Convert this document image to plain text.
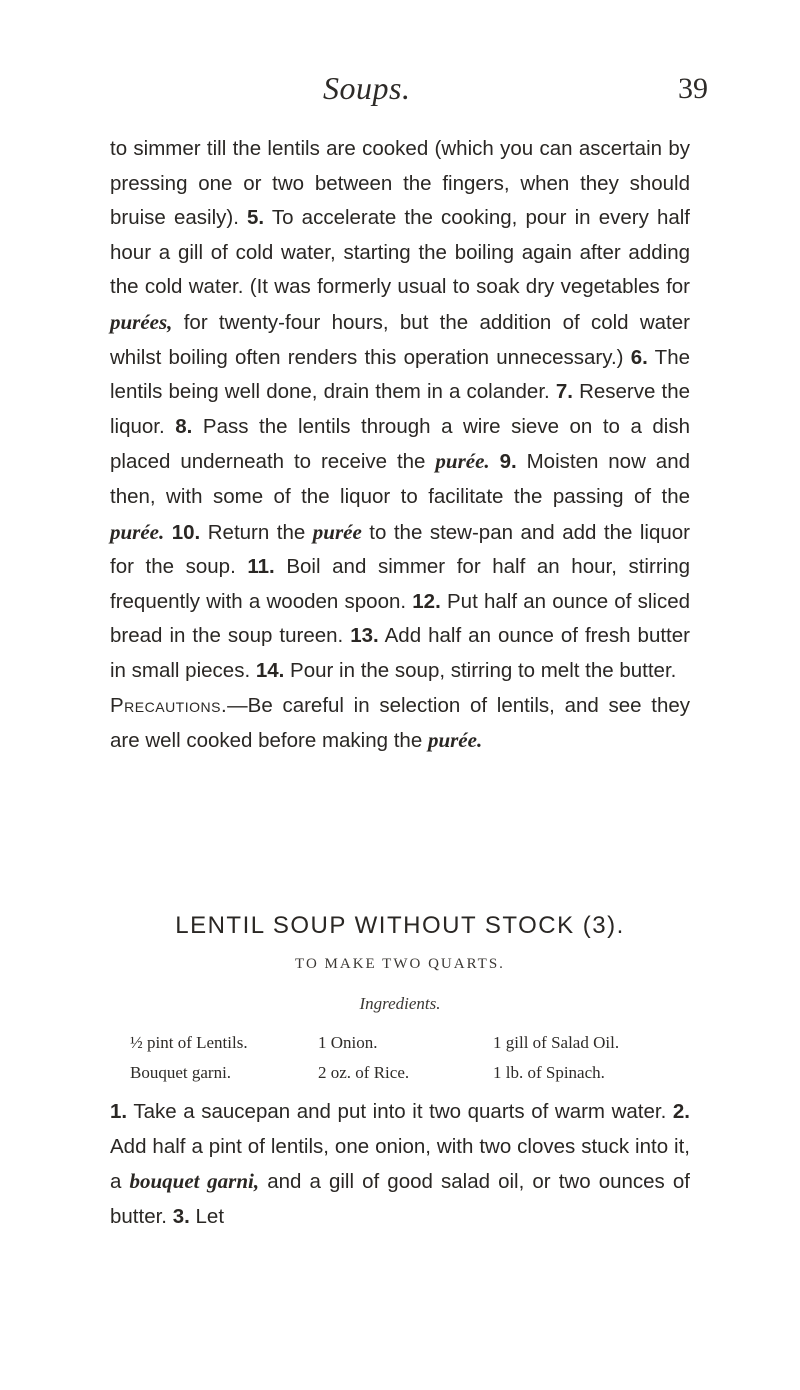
Soups.	39

to simmer till the lentils are cooked (which you can ascertain by pressing one or two between the fingers, when they should bruise easily). 5. To accelerate the cooking, pour in every half hour a gill of cold water, starting the boiling again after adding the cold water. (It was formerly usual to soak dry vegetables for purées, for twenty-four hours, but the addition of cold water whilst boiling often renders this operation unnecessary.) 6. The lentils being well done, drain them in a colander. 7. Reserve the liquor. 8. Pass the lentils through a wire sieve on to a dish placed underneath to receive the purée. 9. Moisten now and then, with some of the liquor to facilitate the passing of the purée. 10. Return the purée to the stew-pan and add the liquor for the soup. 11. Boil and simmer for half an hour, stirring frequently with a wooden spoon. 12. Put half an ounce of sliced bread in the soup tureen. 13. Add half an ounce of fresh butter in small pieces. 14. Pour in the soup, stirring to melt the butter.

Precautions.—Be careful in selection of lentils, and see they are well cooked before making the purée.

LENTIL SOUP WITHOUT STOCK (3).
TO MAKE TWO QUARTS.
Ingredients.
½ pint of Lentils.	1 Onion.	1 gill of Salad Oil.
Bouquet garni.	2 oz. of Rice.	1 lb. of Spinach.

1. Take a saucepan and put into it two quarts of warm water. 2. Add half a pint of lentils, one onion, with two cloves stuck into it, a bouquet garni, and a gill of good salad oil, or two ounces of butter. 3. Let
